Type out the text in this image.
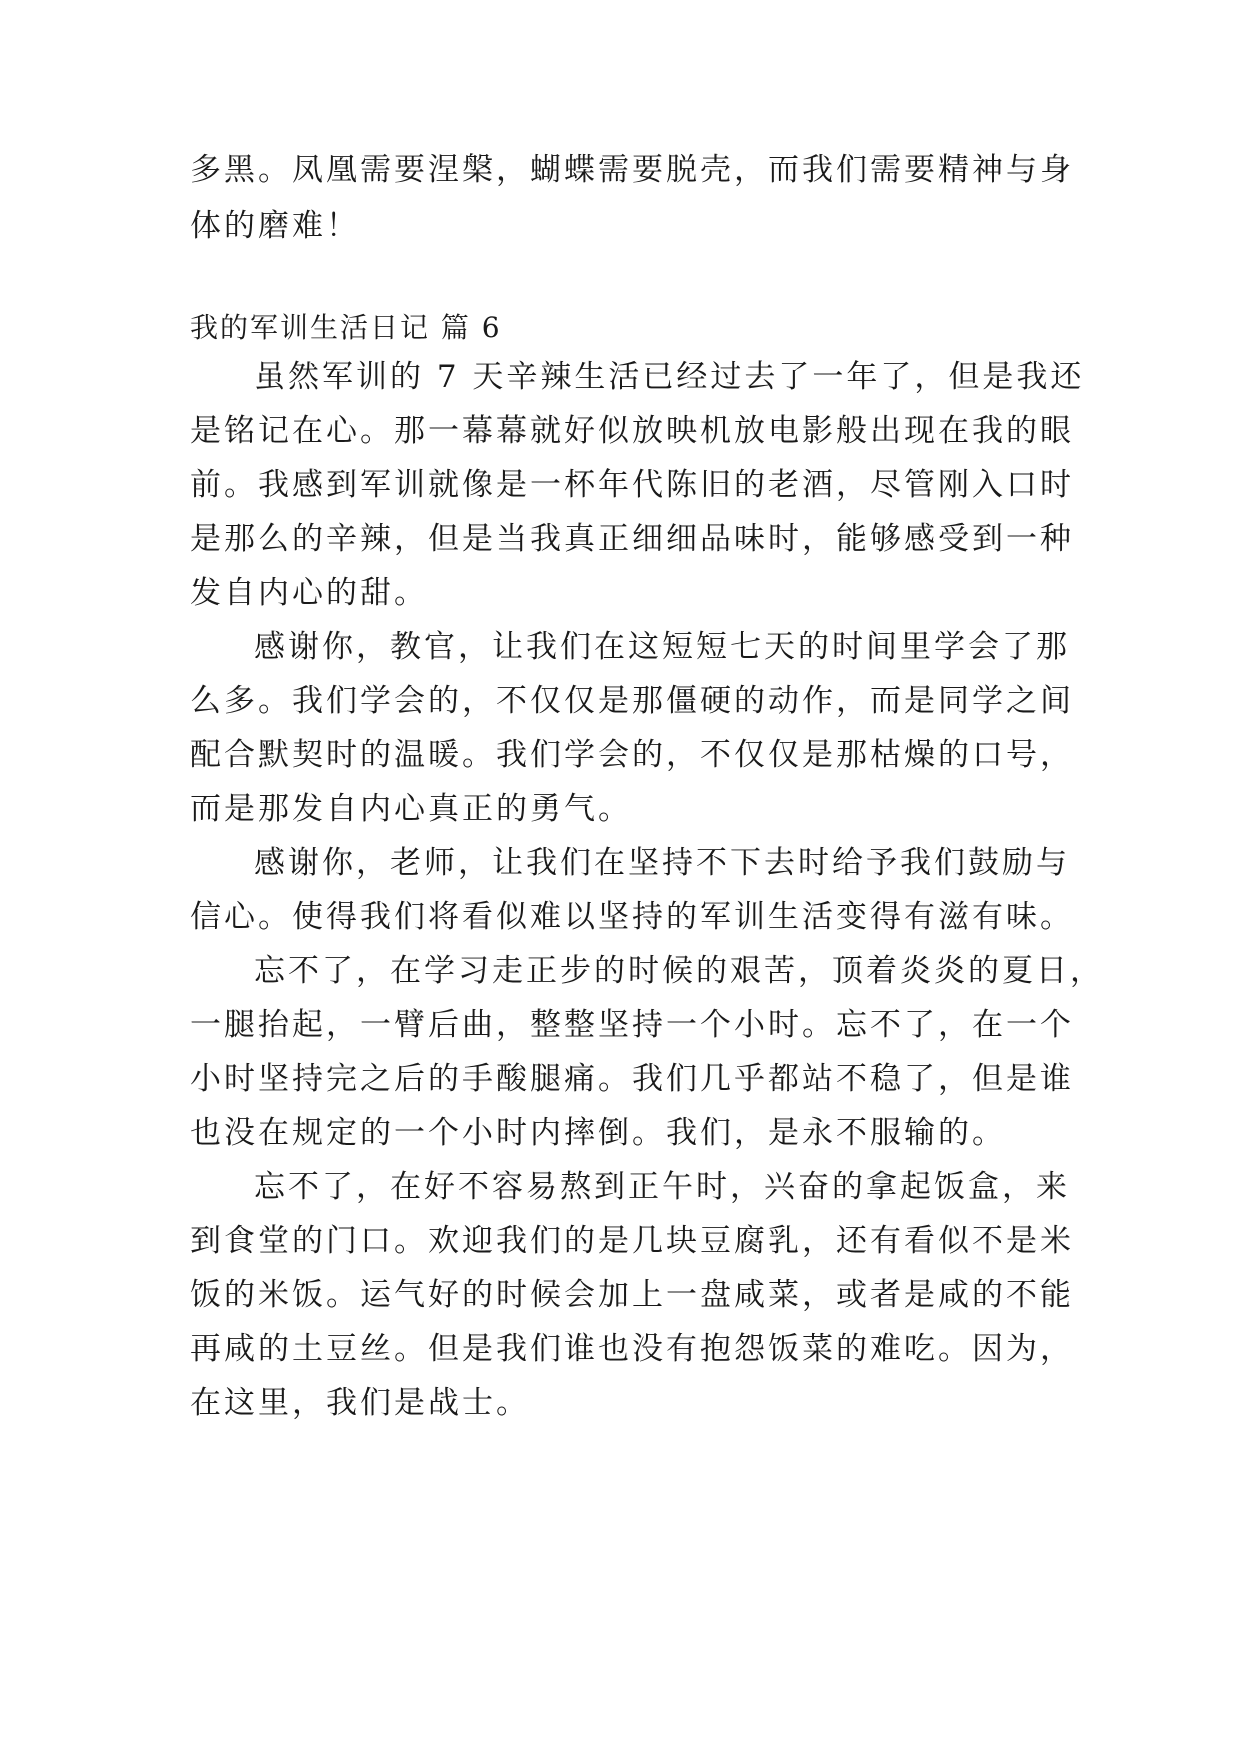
多黑。凤凰需要涅槃，蝴蝶需要脱壳，而我们需要精神与身
体的磨难！
我的军训生活日记 篇 6
虽然军训的 7 天辛辣生活已经过去了一年了，但是我还
是铭记在心。那一幕幕就好似放映机放电影般出现在我的眼
前。我感到军训就像是一杯年代陈旧的老酒，尽管刚入口时
是那么的辛辣，但是当我真正细细品味时，能够感受到一种
发自内心的甜。
感谢你，教官，让我们在这短短七天的时间里学会了那
么多。我们学会的，不仅仅是那僵硬的动作，而是同学之间
配合默契时的温暖。我们学会的，不仅仅是那枯燥的口号，
而是那发自内心真正的勇气。
感谢你，老师，让我们在坚持不下去时给予我们鼓励与
信心。使得我们将看似难以坚持的军训生活变得有滋有味。
忘不了，在学习走正步的时候的艰苦，顶着炎炎的夏日，
一腿抬起，一臂后曲，整整坚持一个小时。忘不了，在一个
小时坚持完之后的手酸腿痛。我们几乎都站不稳了，但是谁
也没在规定的一个小时内摔倒。我们，是永不服输的。
忘不了，在好不容易熬到正午时，兴奋的拿起饭盒，来
到食堂的门口。欢迎我们的是几块豆腐乳，还有看似不是米
饭的米饭。运气好的时候会加上一盘咸菜，或者是咸的不能
再咸的土豆丝。但是我们谁也没有抱怨饭菜的难吃。因为，
在这里，我们是战士。
